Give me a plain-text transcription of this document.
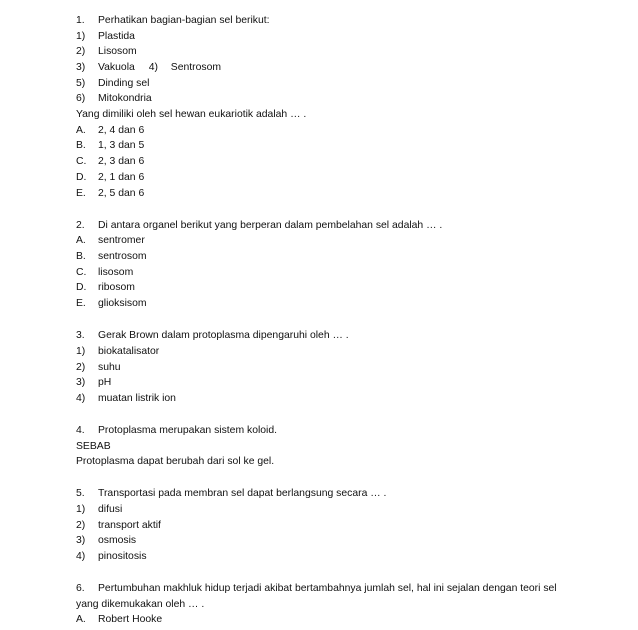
1. Perhatikan bagian-bagian sel berikut:
1) Plastida
2) Lisosom
3) Vakuola 4) Sentrosom
5) Dinding sel
6) Mitokondria
Yang dimiliki oleh sel hewan eukariotik adalah … .
A. 2, 4 dan 6
B. 1, 3 dan 5
C. 2, 3 dan 6
D. 2, 1 dan 6
E. 2, 5 dan 6
2. Di antara organel berikut yang berperan dalam pembelahan sel adalah … .
A. sentromer
B. sentrosom
C. lisosom
D. ribosom
E. glioksisom
3. Gerak Brown dalam protoplasma dipengaruhi oleh … .
1) biokatalisator
2) suhu
3) pH
4) muatan listrik ion
4. Protoplasma merupakan sistem koloid.
SEBAB
Protoplasma dapat berubah dari sol ke gel.
5. Transportasi pada membran sel dapat berlangsung secara … .
1) difusi
2) transport aktif
3) osmosis
4) pinositosis
6. Pertumbuhan makhluk hidup terjadi akibat bertambahnya jumlah sel, hal ini sejalan dengan teori sel
yang dikemukakan oleh … .
A. Robert Hooke
